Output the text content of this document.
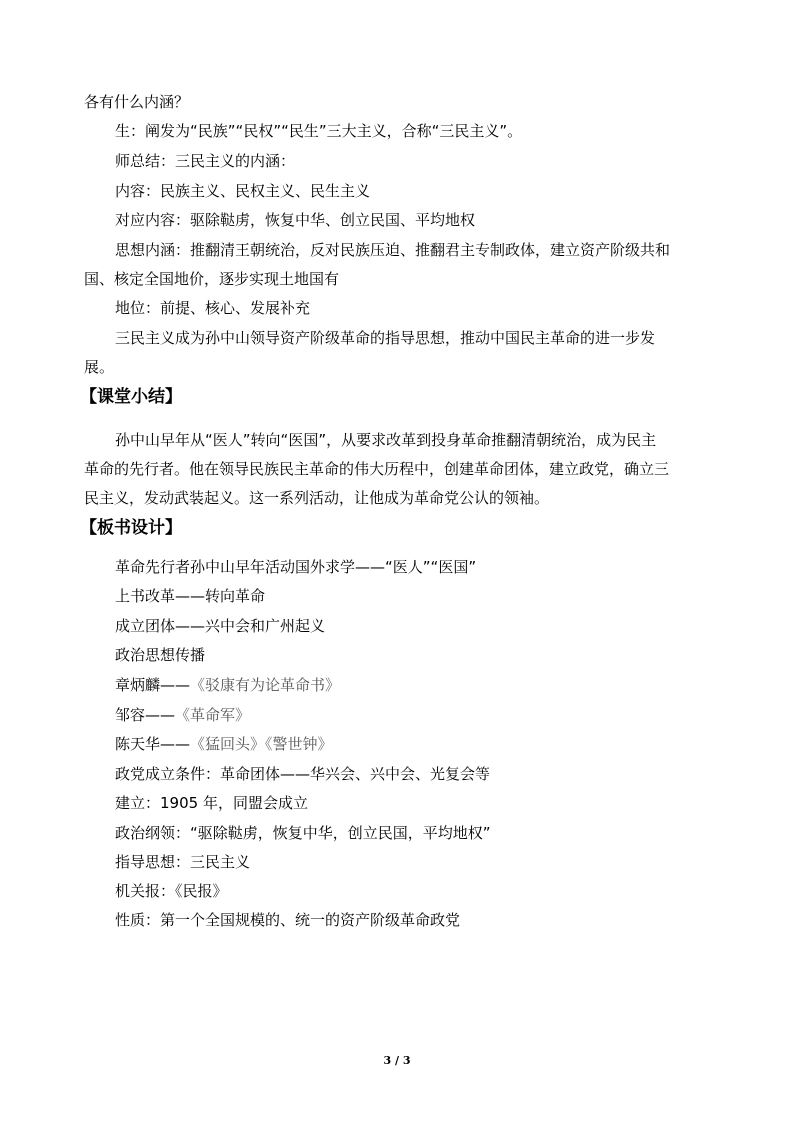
各有什么内涵？
生：阐发为“民族”“民权”“民生”三大主义，合称“三民主义”。
师总结：三民主义的内涵：
内容：民族主义、民权主义、民生主义
对应内容：驱除鞑虏，恢复中华、创立民国、平均地权
思想内涵：推翻清王朝统治，反对民族压迫、推翻君主专制政体，建立资产阶级共和
国、核定全国地价，逐步实现土地国有
地位：前提、核心、发展补充
三民主义成为孙中山领导资产阶级革命的指导思想，推动中国民主革命的进一步发
展。
【课堂小结】
孙中山早年从“医人”转向“医国”，从要求改革到投身革命推翻清朝统治，成为民主
革命的先行者。他在领导民族民主革命的伟大历程中，创建革命团体，建立政党，确立三
民主义，发动武装起义。这一系列活动，让他成为革命党公认的领袖。
【板书设计】
革命先行者孙中山早年活动国外求学——“医人”“医国”
上书改革——转向革命
成立团体——兴中会和广州起义
政治思想传播
章炳麟——《驳康有为论革命书》
邹容——《革命军》
陈天华——《猛回头》《警世钟》
政党成立条件：革命团体——华兴会、兴中会、光复会等
建立：1905 年，同盟会成立
政治纲领：“驱除鞑虏，恢复中华，创立民国，平均地权”
指导思想：三民主义
机关报：《民报》
性质：第一个全国规模的、统一的资产阶级革命政党
3 / 3
